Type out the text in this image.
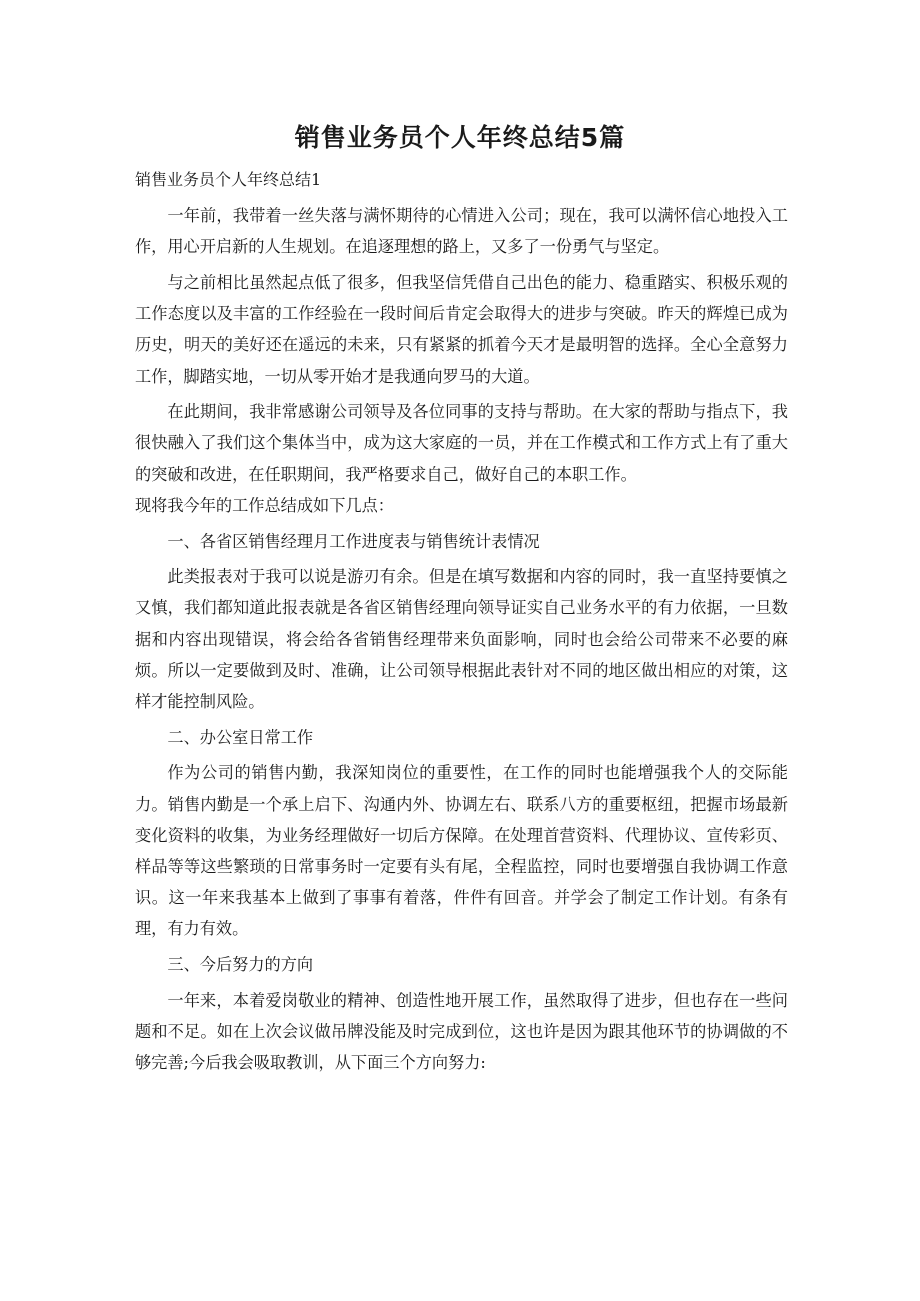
销售业务员个人年终总结5篇

销售业务员个人年终总结1

一年前，我带着一丝失落与满怀期待的心情进入公司；现在，我可以满怀信心地投入工作，用心开启新的人生规划。在追逐理想的路上，又多了一份勇气与坚定。

与之前相比虽然起点低了很多，但我坚信凭借自己出色的能力、稳重踏实、积极乐观的工作态度以及丰富的工作经验在一段时间后肯定会取得大的进步与突破。昨天的辉煌已成为历史，明天的美好还在遥远的未来，只有紧紧的抓着今天才是最明智的选择。全心全意努力工作，脚踏实地，一切从零开始才是我通向罗马的大道。

在此期间，我非常感谢公司领导及各位同事的支持与帮助。在大家的帮助与指点下，我很快融入了我们这个集体当中，成为这大家庭的一员，并在工作模式和工作方式上有了重大的突破和改进，在任职期间，我严格要求自己，做好自己的本职工作。

现将我今年的工作总结成如下几点：

一、各省区销售经理月工作进度表与销售统计表情况

此类报表对于我可以说是游刃有余。但是在填写数据和内容的同时，我一直坚持要慎之又慎，我们都知道此报表就是各省区销售经理向领导证实自己业务水平的有力依据，一旦数据和内容出现错误，将会给各省销售经理带来负面影响，同时也会给公司带来不必要的麻烦。所以一定要做到及时、准确，让公司领导根据此表针对不同的地区做出相应的对策，这样才能控制风险。

二、办公室日常工作

作为公司的销售内勤，我深知岗位的重要性，在工作的同时也能增强我个人的交际能力。销售内勤是一个承上启下、沟通内外、协调左右、联系八方的重要枢纽，把握市场最新变化资料的收集，为业务经理做好一切后方保障。在处理首营资料、代理协议、宣传彩页、样品等等这些繁琐的日常事务时一定要有头有尾，全程监控，同时也要增强自我协调工作意识。这一年来我基本上做到了事事有着落，件件有回音。并学会了制定工作计划。有条有理，有力有效。

三、今后努力的方向

一年来，本着爱岗敬业的精神、创造性地开展工作，虽然取得了进步，但也存在一些问题和不足。如在上次会议做吊牌没能及时完成到位，这也许是因为跟其他环节的协调做的不够完善;今后我会吸取教训，从下面三个方向努力:
